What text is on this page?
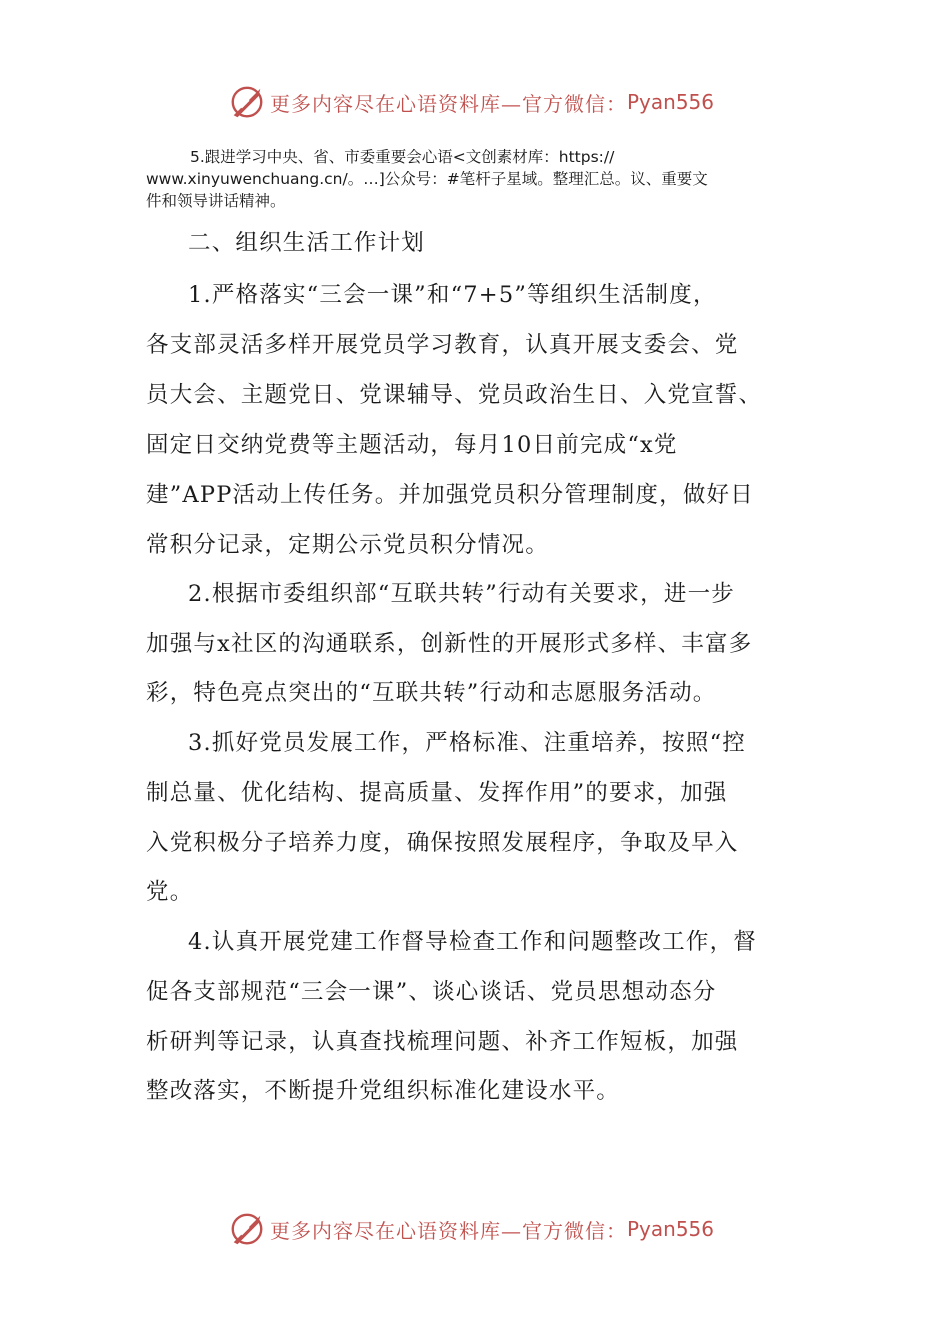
更多内容尽在心语资料库—官方微信： Pyan556
5.跟进学习中央、省、市委重要会心语<文创素材库：https://
www.xinyuwenchuang.cn/。…]公众号：#笔杆子星域。整理汇总。议、重要文
件和领导讲话精神。
二、组织生活工作计划
1.严格落实“三会一课”和“7+5”等组织生活制度，
各支部灵活多样开展党员学习教育，认真开展支委会、党
员大会、主题党日、党课辅导、党员政治生日、入党宣誓、
固定日交纳党费等主题活动，每月10日前完成“x党
建”APP活动上传任务。并加强党员积分管理制度，做好日
常积分记录，定期公示党员积分情况。
2.根据市委组织部“互联共转”行动有关要求，进一步
加强与x社区的沟通联系，创新性的开展形式多样、丰富多
彩，特色亮点突出的“互联共转”行动和志愿服务活动。
3.抓好党员发展工作，严格标准、注重培养，按照“控
制总量、优化结构、提高质量、发挥作用”的要求，加强
入党积极分子培养力度，确保按照发展程序，争取及早入
党。
4.认真开展党建工作督导检查工作和问题整改工作，督
促各支部规范“三会一课”、谈心谈话、党员思想动态分
析研判等记录，认真查找梳理问题、补齐工作短板，加强
整改落实，不断提升党组织标准化建设水平。
更多内容尽在心语资料库—官方微信： Pyan556
